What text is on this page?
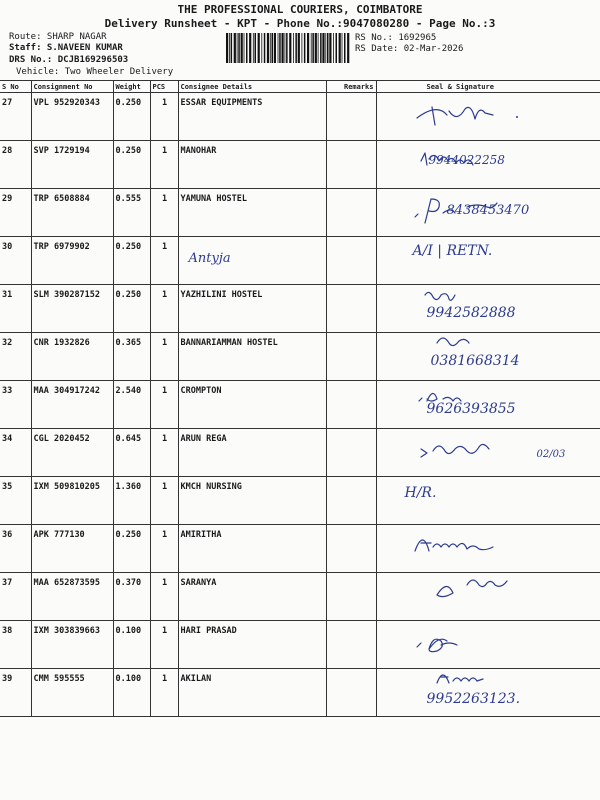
THE PROFESSIONAL COURIERS, COIMBATORE
Delivery Runsheet - KPT - Phone No.:9047080280 - Page No.:3
Route: SHARP NAGAR
Staff: S.NAVEEN KUMAR
DRS No.: DCJB169296503
Vehicle: Two Wheeler Delivery
RS No.: 1692965
RS Date: 02-Mar-2026
S No	Consignment No	Weight	PCS	Consignee Details	Remarks	Seal & Signature
27	VPL 952920343	0.250	1	ESSAR EQUIPMENTS		

28	SVP 1729194	0.250	1	MANOHAR		9944022258

29	TRP 6508884	0.555	1	YAMUNA HOSTEL		8438453470

30	TRP 6979902	0.250	1	Antyja		A/I | RETN.

31	SLM 390287152	0.250	1	YAZHILINI HOSTEL		9942582888

32	CNR 1932826	0.365	1	BANNARIAMMAN HOSTEL		0381668314

33	MAA 304917242	2.540	1	CROMPTON		9626393855

34	CGL 2020452	0.645	1	ARUN REGA		02/03

35	IXM 509810205	1.360	1	KMCH NURSING		H/R.

36	APK 777130	0.250	1	AMIRITHA		

37	MAA 652873595	0.370	1	SARANYA		

38	IXM 303839663	0.100	1	HARI PRASAD		

39	CMM 595555	0.100	1	AKILAN		9952263123.
